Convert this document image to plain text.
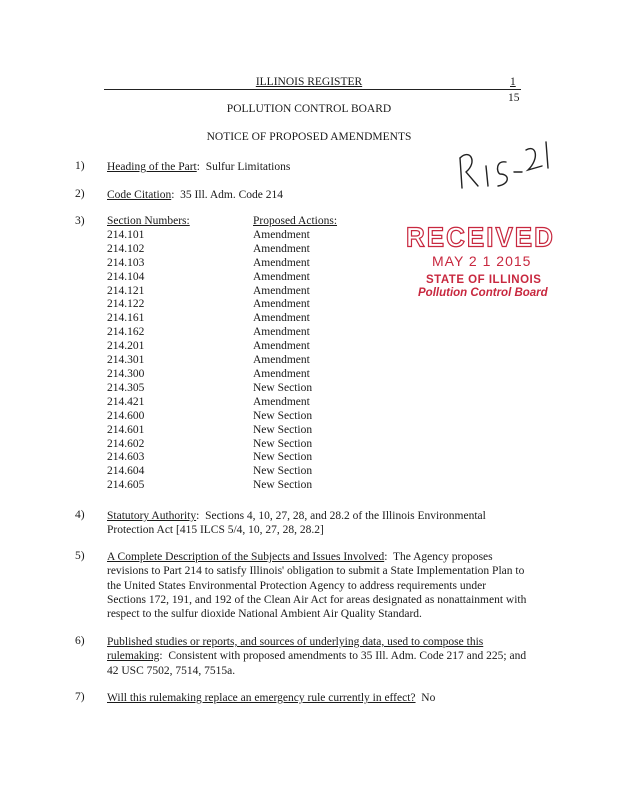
ILLINOIS REGISTER	1
15
POLLUTION CONTROL BOARD
NOTICE OF PROPOSED AMENDMENTS	R15-21
1) Heading of the Part:  Sulfur Limitations
2) Code Citation:  35 Ill. Adm. Code 214
3) Section Numbers:
214.101
214.102
214.103
214.104
214.121
214.122
214.161
214.162
214.201
214.301
214.300
214.305
214.421
214.600
214.601
214.602
214.603
214.604
214.605
Proposed Actions:
Amendment
Amendment
Amendment
Amendment
Amendment
Amendment
Amendment
Amendment
Amendment
Amendment
Amendment
New Section
Amendment
New Section
New Section
New Section
New Section
New Section
New Section
RECEIVED
MAY 2 1 2015
STATE OF ILLINOIS
Pollution Control Board
4) Statutory Authority:  Sections 4, 10, 27, 28, and 28.2 of the Illinois Environmental Protection Act [415 ILCS 5/4, 10, 27, 28, 28.2]
5) A Complete Description of the Subjects and Issues Involved:  The Agency proposes revisions to Part 214 to satisfy Illinois' obligation to submit a State Implementation Plan to the United States Environmental Protection Agency to address requirements under Sections 172, 191, and 192 of the Clean Air Act for areas designated as nonattainment with respect to the sulfur dioxide National Ambient Air Quality Standard.
6) Published studies or reports, and sources of underlying data, used to compose this rulemaking:  Consistent with proposed amendments to 35 Ill. Adm. Code 217 and 225; and 42 USC 7502, 7514, 7515a.
7) Will this rulemaking replace an emergency rule currently in effect? No
